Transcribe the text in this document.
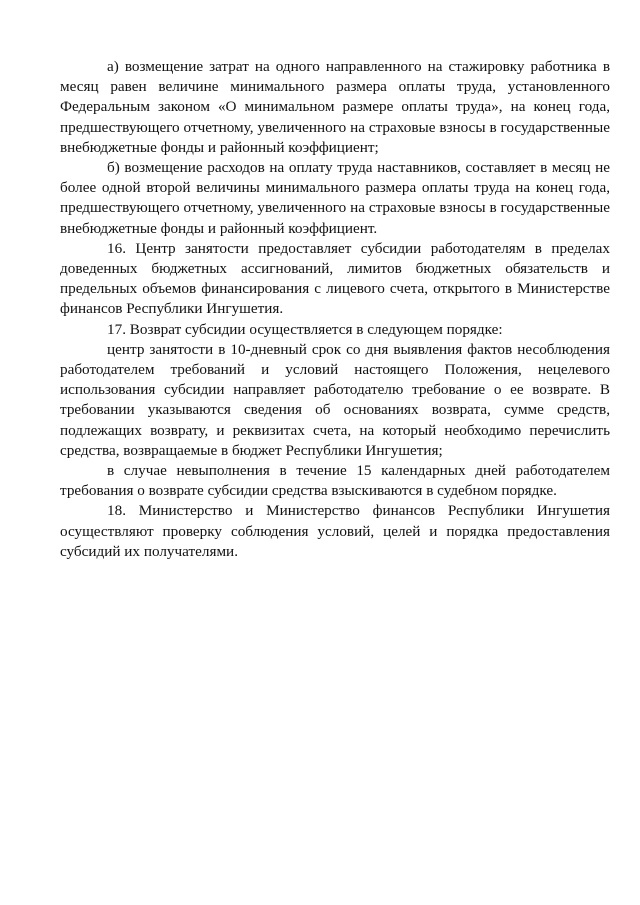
а) возмещение затрат на одного направленного на стажировку работника в месяц равен величине минимального размера оплаты труда, установленного Федеральным законом «О минимальном размере оплаты труда», на конец года, предшествующего отчетному, увеличенного на страховые взносы в государственные внебюджетные фонды и районный коэффициент;

б) возмещение расходов на оплату труда наставников, составляет в месяц не более одной второй величины минимального размера оплаты труда на конец года, предшествующего отчетному, увеличенного на страховые взносы в государственные внебюджетные фонды и районный коэффициент.

16. Центр занятости предоставляет субсидии работодателям в пределах доведенных бюджетных ассигнований, лимитов бюджетных обязательств и предельных объемов финансирования с лицевого счета, открытого в Министерстве финансов Республики Ингушетия.

17. Возврат субсидии осуществляется в следующем порядке:

центр занятости в 10-дневный срок со дня выявления фактов несоблюдения работодателем требований и условий настоящего Положения, нецелевого использования субсидии направляет работодателю требование о ее возврате. В требовании указываются сведения об основаниях возврата, сумме средств, подлежащих возврату, и реквизитах счета, на который необходимо перечислить средства, возвращаемые в бюджет Республики Ингушетия;

в случае невыполнения в течение 15 календарных дней работодателем требования о возврате субсидии средства взыскиваются в судебном порядке.

18. Министерство и Министерство финансов Республики Ингушетия осуществляют проверку соблюдения условий, целей и порядка предоставления субсидий их получателями.
